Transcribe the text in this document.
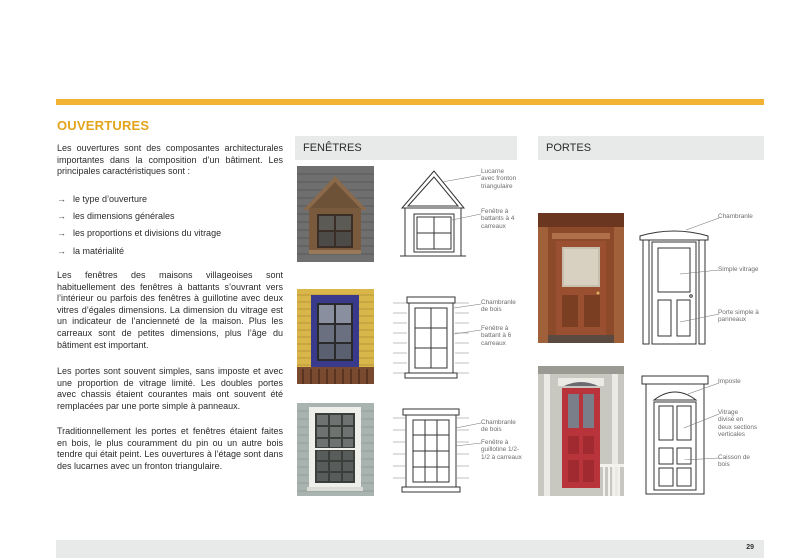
OUVERTURES
Les ouvertures sont des composantes architecturales importantes dans la composition d’un bâtiment. Les principales caractéristiques sont :
→ le type d’ouverture
→ les dimensions générales
→ les proportions et divisions du vitrage
→ la matérialité
Les fenêtres des maisons villageoises sont habituellement des fenêtres à battants s’ouvrant vers l’intérieur ou parfois des fenêtres à guillotine avec deux vitres d’égales dimensions. La dimension du vitrage est un indicateur de l’ancienneté de la maison. Plus les carreaux sont de petites dimensions, plus l’âge du bâtiment est important.
Les portes sont souvent simples, sans imposte et avec une proportion de vitrage limité. Les doubles portes avec chassis étaient courantes mais ont souvent été remplacées par une porte simple à panneaux.
Traditionnellement les portes et fenêtres étaient faites en bois, le plus couramment du pin ou un autre bois tendre qui était peint. Les ouvertures à l’étage sont dans des lucarnes avec un fronton triangulaire.
FENÊTRES
Lucarne
avec fronton
triangulaire
Fenêtre à
battants à 4
carreaux
Chambranle
de bois
Fenêtre à
battant à 6
carreaux
Chambranle
de bois
Fenêtre à
guillotine 1/2-
1/2 à carreaux
PORTES
Chambranle
Simple vitrage
Porte simple à
panneaux
Imposte
Vitrage
divisé en
deux sections
verticales
Caisson de
bois
29
